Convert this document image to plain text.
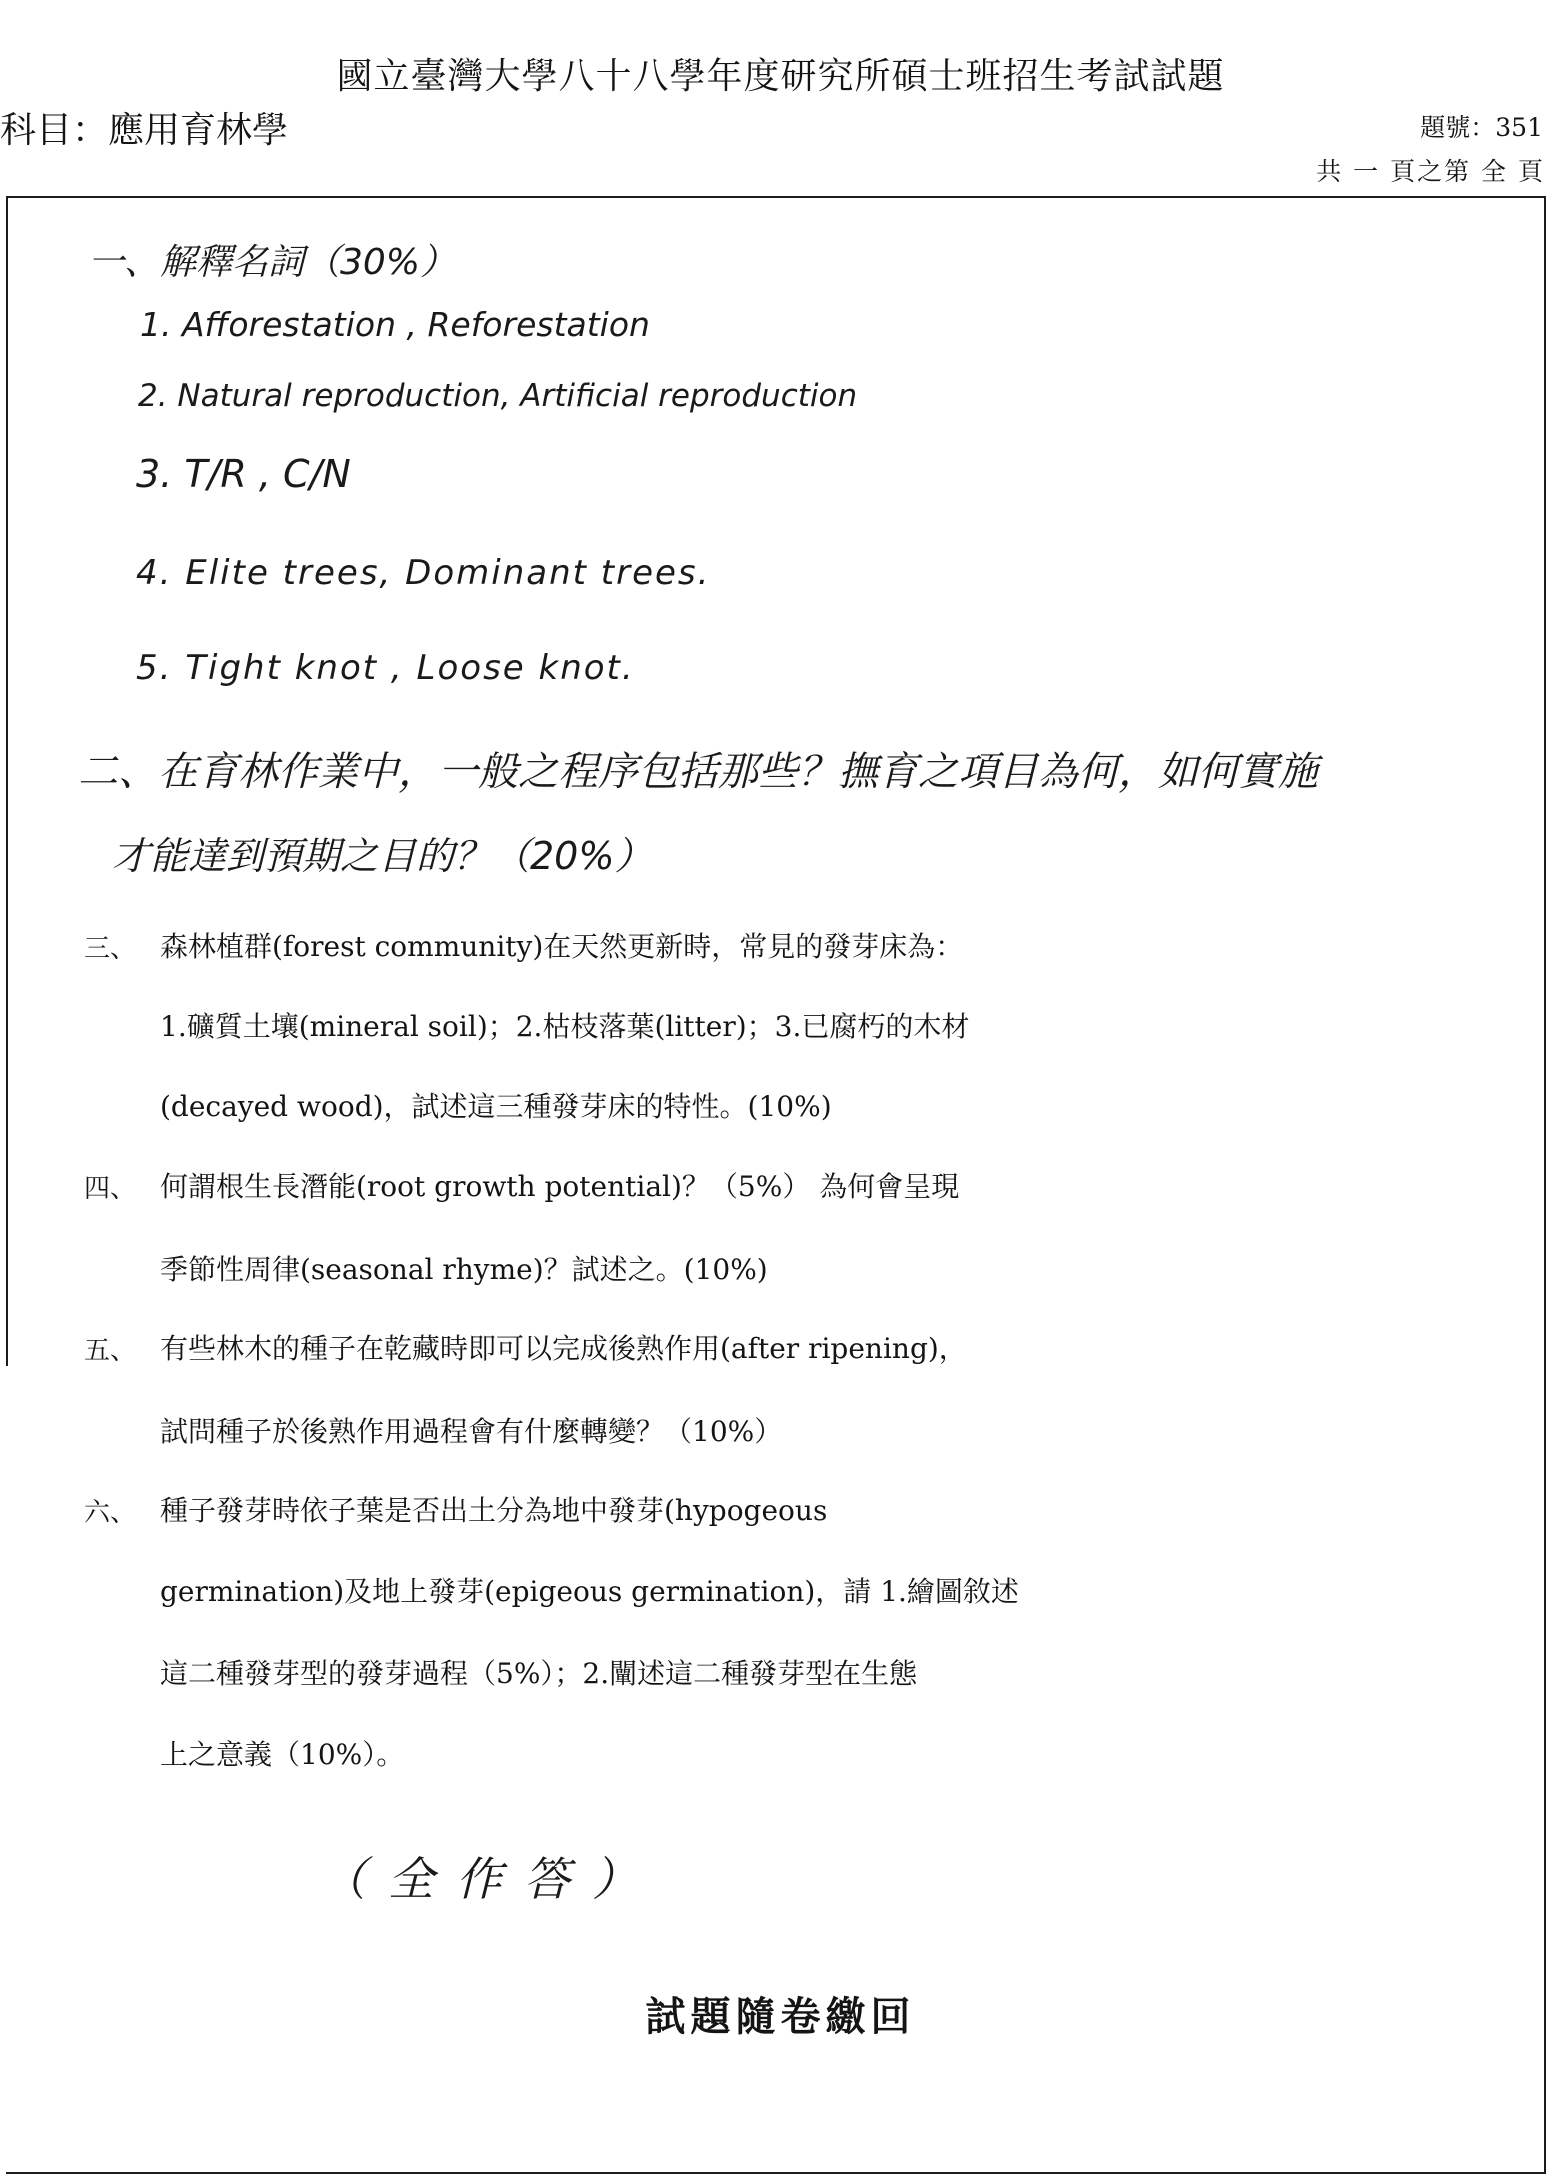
國立臺灣大學八十八學年度研究所碩士班招生考試試題
科目：應用育林學	題號：351
共 一 頁之第 全 頁
一、解釋名詞（30%）
1. Afforestation , Reforestation
2. Natural reproduction, Artificial reproduction
3. T/R , C/N
4. Elite trees, Dominant trees.
5. Tight knot , Loose knot.
二、在育林作業中，一般之程序包括那些？撫育之項目為何，如何實施
才能達到預期之目的？（20%）
三、 森林植群(forest community)在天然更新時，常見的發芽床為：
1.礦質土壤(mineral soil)；2.枯枝落葉(litter)；3.已腐朽的木材
(decayed wood)，試述這三種發芽床的特性。(10%)
四、 何謂根生長潛能(root growth potential)？（5%） 為何會呈現
季節性周律(seasonal rhyme)？試述之。(10%)
五、 有些林木的種子在乾藏時即可以完成後熟作用(after ripening)，
試問種子於後熟作用過程會有什麼轉變？（10%）
六、 種子發芽時依子葉是否出土分為地中發芽(hypogeous
germination)及地上發芽(epigeous germination)，請 1.繪圖敘述
這二種發芽型的發芽過程（5%）；2.闡述這二種發芽型在生態
上之意義（10%）。
（全作答）
試題隨卷繳回
